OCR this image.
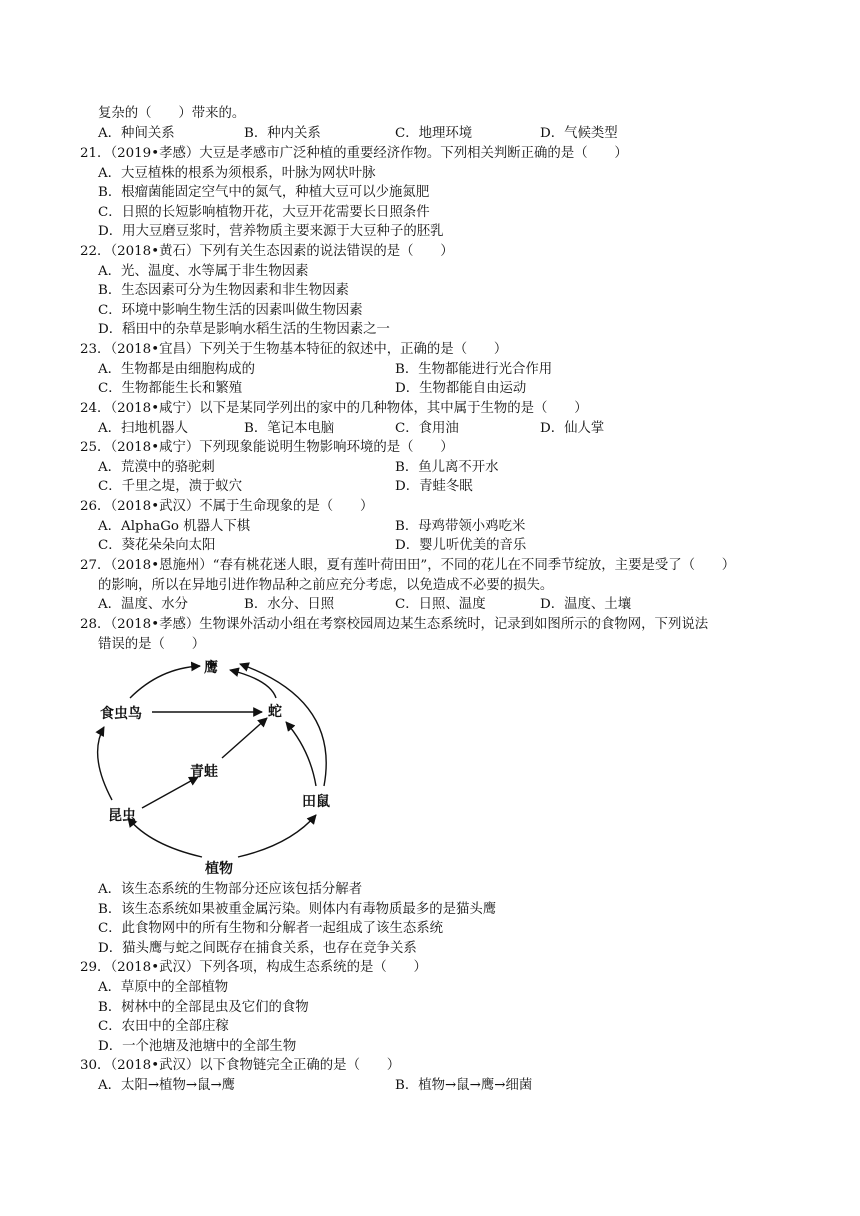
复杂的（　　）带来的。
A．种间关系	B．种内关系	C．地理环境	D．气候类型
21．（2019•孝感）大豆是孝感市广泛种植的重要经济作物。下列相关判断正确的是（　　）
A．大豆植株的根系为须根系，叶脉为网状叶脉
B．根瘤菌能固定空气中的氮气，种植大豆可以少施氮肥
C．日照的长短影响植物开花，大豆开花需要长日照条件
D．用大豆磨豆浆时，营养物质主要来源于大豆种子的胚乳
22．（2018•黄石）下列有关生态因素的说法错误的是（　　）
A．光、温度、水等属于非生物因素
B．生态因素可分为生物因素和非生物因素
C．环境中影响生物生活的因素叫做生物因素
D．稻田中的杂草是影响水稻生活的生物因素之一
23．（2018•宜昌）下列关于生物基本特征的叙述中，正确的是（　　）
A．生物都是由细胞构成的	B．生物都能进行光合作用
C．生物都能生长和繁殖	D．生物都能自由运动
24．（2018•咸宁）以下是某同学列出的家中的几种物体，其中属于生物的是（　　）
A．扫地机器人	B．笔记本电脑	C．食用油	D．仙人掌
25．（2018•咸宁）下列现象能说明生物影响环境的是（　　）
A．荒漠中的骆驼刺	B．鱼儿离不开水
C．千里之堤，溃于蚁穴	D．青蛙冬眠
26．（2018•武汉）不属于生命现象的是（　　）
A．AlphaGo 机器人下棋	B．母鸡带领小鸡吃米
C．葵花朵朵向太阳	D．婴儿听优美的音乐
27．（2018•恩施州）“春有桃花迷人眼，夏有莲叶荷田田”，不同的花儿在不同季节绽放，主要是受了（　　）
的影响，所以在异地引进作物品种之前应充分考虑，以免造成不必要的损失。
A．温度、水分	B．水分、日照	C．日照、温度	D．温度、土壤
28．（2018•孝感）生物课外活动小组在考察校园周边某生态系统时，记录到如图所示的食物网，下列说法
错误的是（　　）
鹰
蛇
食虫鸟
青蛙
昆虫
田鼠
植物
A．该生态系统的生物部分还应该包括分解者
B．该生态系统如果被重金属污染。则体内有毒物质最多的是猫头鹰
C．此食物网中的所有生物和分解者一起组成了该生态系统
D．猫头鹰与蛇之间既存在捕食关系，也存在竞争关系
29．（2018•武汉）下列各项，构成生态系统的是（　　）
A．草原中的全部植物
B．树林中的全部昆虫及它们的食物
C．农田中的全部庄稼
D．一个池塘及池塘中的全部生物
30．（2018•武汉）以下食物链完全正确的是（　　）
A．太阳→植物→鼠→鹰	B．植物→鼠→鹰→细菌
